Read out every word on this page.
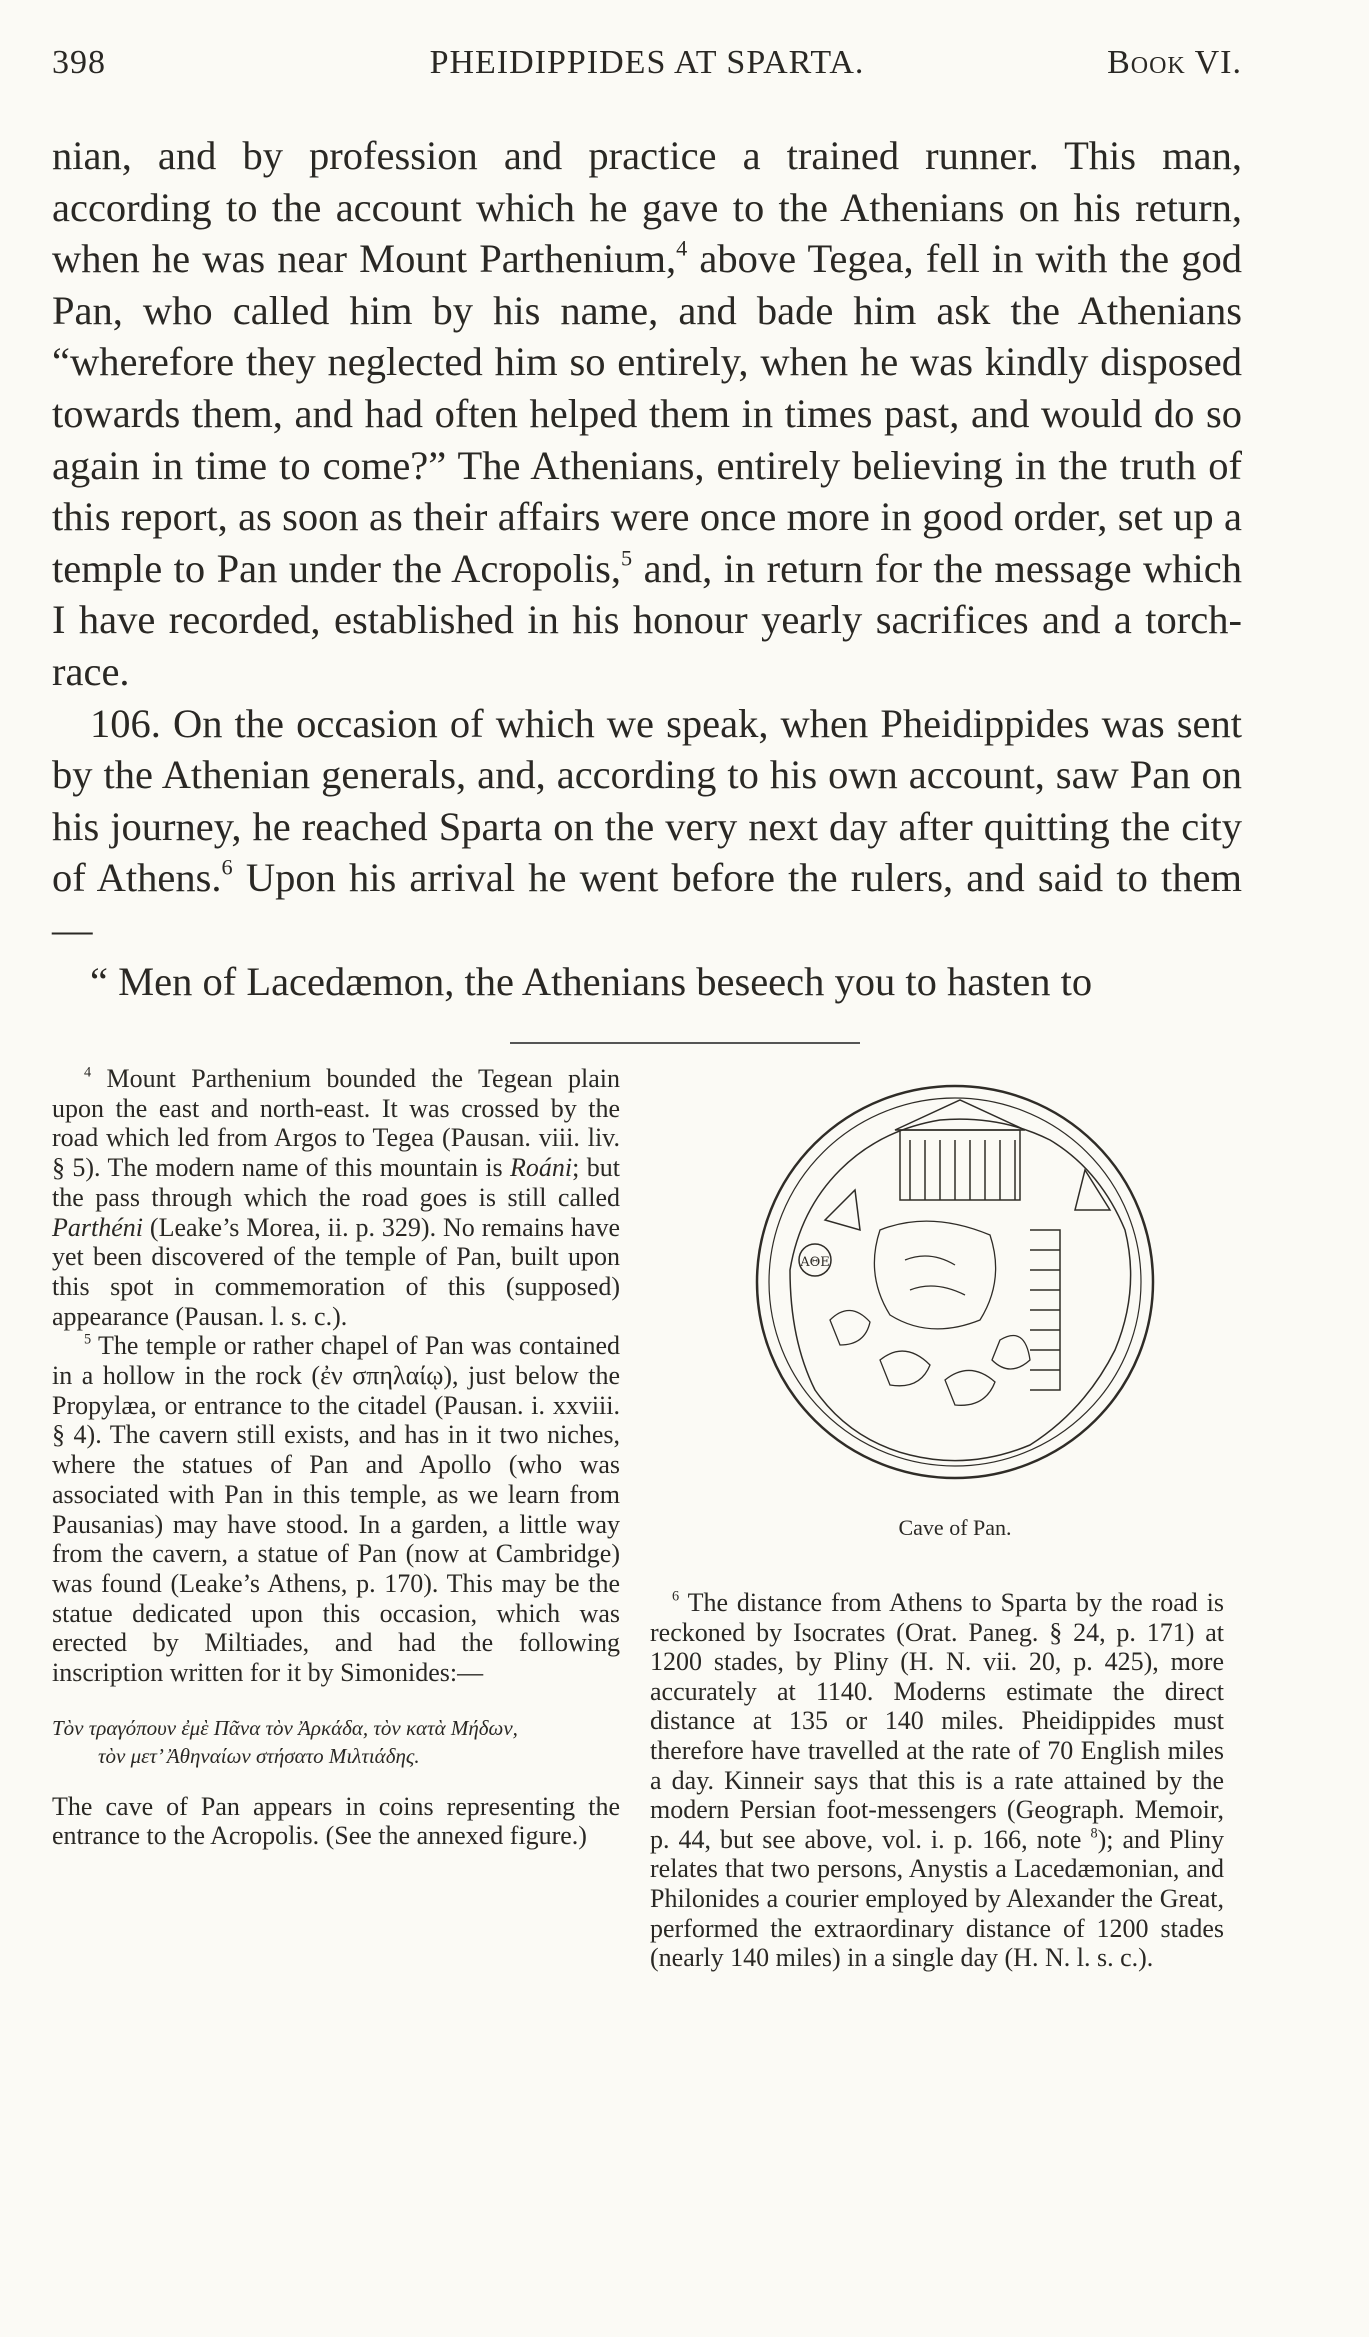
398	PHEIDIPPIDES AT SPARTA.	Book VI.

nian, and by profession and practice a trained runner. This man, according to the account which he gave to the Athenians on his return, when he was near Mount Parthenium,$^4$ above Tegea, fell in with the god Pan, who called him by his name, and bade him ask the Athenians “wherefore they neglected him so entirely, when he was kindly disposed towards them, and had often helped them in times past, and would do so again in time to come?” The Athenians, entirely believing in the truth of this report, as soon as their affairs were once more in good order, set up a temple to Pan under the Acropolis,$^5$ and, in return for the message which I have recorded, established in his honour yearly sacrifices and a torch-race.

106. On the occasion of which we speak, when Pheidippides was sent by the Athenian generals, and, according to his own account, saw Pan on his journey, he reached Sparta on the very next day after quitting the city of Athens.$^6$ Upon his arrival he went before the rulers, and said to them—

“ Men of Lacedæmon, the Athenians beseech you to hasten to

$^4$ Mount Parthenium bounded the Tegean plain upon the east and north-east. It was crossed by the road which led from Argos to Tegea (Pausan. viii. liv. § 5). The modern name of this mountain is Roáni; but the pass through which the road goes is still called Parthéni (Leake’s Morea, ii. p. 329). No remains have yet been discovered of the temple of Pan, built upon this spot in commemoration of this (supposed) appearance (Pausan. l. s. c.).

$^5$ The temple or rather chapel of Pan was contained in a hollow in the rock (ἐν σπηλαίῳ), just below the Propylæa, or entrance to the citadel (Pausan. i. xxviii. § 4). The cavern still exists, and has in it two niches, where the statues of Pan and Apollo (who was associated with Pan in this temple, as we learn from Pausanias) may have stood. In a garden, a little way from the cavern, a statue of Pan (now at Cambridge) was found (Leake’s Athens, p. 170). This may be the statue dedicated upon this occasion, which was erected by Miltiades, and had the following inscription written for it by Simonides:—

Τὸν τραγόπουν ἐμὲ Πᾶνα τὸν Ἀρκάδα, τὸν κατὰ Μήδων,
τὸν μετ’ Ἀθηναίων στήσατο Μιλτιάδης.

The cave of Pan appears in coins representing the entrance to the Acropolis. (See the annexed figure.)

ΑΘΕ
Cave of Pan.

$^6$ The distance from Athens to Sparta by the road is reckoned by Isocrates (Orat. Paneg. § 24, p. 171) at 1200 stades, by Pliny (H. N. vii. 20, p. 425), more accurately at 1140. Moderns estimate the direct distance at 135 or 140 miles. Pheidippides must therefore have travelled at the rate of 70 English miles a day. Kinneir says that this is a rate attained by the modern Persian foot-messengers (Geograph. Memoir, p. 44, but see above, vol. i. p. 166, note $^8$); and Pliny relates that two persons, Anystis a Lacedæmonian, and Philonides a courier employed by Alexander the Great, performed the extraordinary distance of 1200 stades (nearly 140 miles) in a single day (H. N. l. s. c.).
